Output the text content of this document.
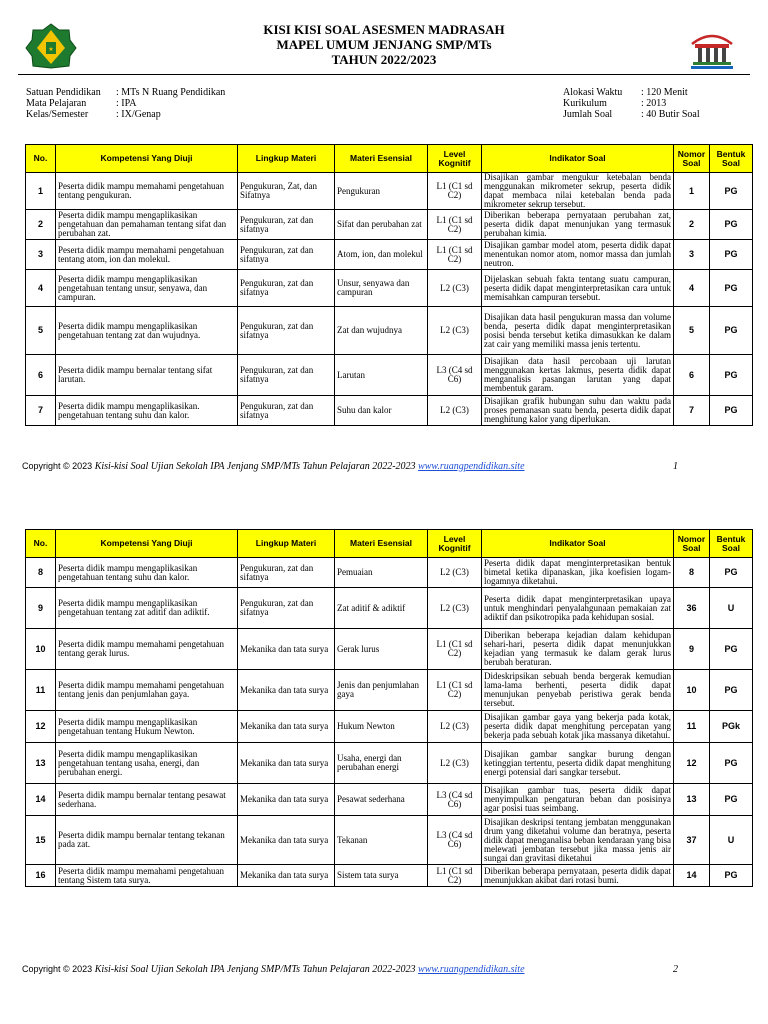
★
KISI KISI SOAL ASESMEN MADRASAH
MAPEL UMUM JENJANG SMP/MTs
TAHUN 2022/2023
Satuan Pendidikan	: MTs N Ruang Pendidikan
Mata Pelajaran	: IPA
Kelas/Semester	: IX/Genap
Alokasi Waktu	: 120 Menit
Kurikulum	: 2013
Jumlah Soal	: 40 Butir Soal
No.	Kompetensi Yang Diuji	Lingkup Materi	Materi Esensial	Level Kognitif	Indikator Soal	Nomor Soal	Bentuk Soal
1	Peserta didik mampu memahami pengetahuan tentang pengukuran.	Pengukuran, Zat, dan Sifatnya	Pengukuran	L1 (C1 sd C2)	Disajikan gambar mengukur ketebalan benda menggunakan mikrometer sekrup, peserta didik dapat membaca nilai ketebalan benda pada mikrometer sekrup tersebut.	1	PG
2	Peserta didik mampu mengaplikasikan pengetahuan dan pemahaman tentang sifat dan perubahan zat.	Pengukuran, zat dan sifatnya	Sifat dan perubahan zat	L1 (C1 sd C2)	Diberikan beberapa pernyataan perubahan zat, peserta didik dapat menunjukan yang termasuk perubahan kimia.	2	PG
3	Peserta didik mampu memahami pengetahuan tentang atom, ion dan molekul.	Pengukuran, zat dan sifatnya	Atom, ion, dan molekul	L1 (C1 sd C2)	Disajikan gambar model atom, peserta didik dapat menentukan nomor atom, nomor massa dan jumlah neutron.	3	PG
4	Peserta didik mampu mengaplikasikan pengetahuan tentang unsur, senyawa, dan campuran.	Pengukuran, zat dan sifatnya	Unsur, senyawa dan campuran	L2 (C3)	Dijelaskan sebuah fakta tentang suatu campuran, peserta didik dapat menginterpretasikan cara untuk memisahkan campuran tersebut.	4	PG
5	Peserta didik mampu mengaplikasikan pengetahuan tentang zat dan wujudnya.	Pengukuran, zat dan sifatnya	Zat dan wujudnya	L2 (C3)	Disajikan data hasil pengukuran massa dan volume benda, peserta didik dapat menginterpretasikan posisi benda tersebut ketika dimasukkan ke dalam zat cair yang memiliki massa jenis tertentu.	5	PG
6	Peserta didik mampu bernalar tentang sifat larutan.	Pengukuran, zat dan sifatnya	Larutan	L3 (C4 sd C6)	Disajikan data hasil percobaan uji larutan menggunakan kertas lakmus, peserta didik dapat menganalisis pasangan larutan yang dapat membentuk garam.	6	PG
7	Peserta didik mampu mengaplikasikan. pengetahuan tentang suhu dan kalor.	Pengukuran, zat dan sifatnya	Suhu dan kalor	L2 (C3)	Disajikan grafik hubungan suhu dan waktu pada proses pemanasan suatu benda, peserta didik dapat menghitung kalor yang diperlukan.	7	PG
Copyright © 2023 Kisi-kisi Soal Ujian Sekolah IPA Jenjang SMP/MTs Tahun Pelajaran 2022-2023 www.ruangpendidikan.site	1
No.	Kompetensi Yang Diuji	Lingkup Materi	Materi Esensial	Level Kognitif	Indikator Soal	Nomor Soal	Bentuk Soal
8	Peserta didik mampu mengaplikasikan pengetahuan tentang suhu dan kalor.	Pengukuran, zat dan sifatnya	Pemuaian	L2 (C3)	Peserta didik dapat menginterpretasikan bentuk bimetal ketika dipanaskan, jika koefisien logam-logamnya diketahui.	8	PG
9	Peserta didik mampu mengaplikasikan pengetahuan tentang zat aditif dan adiktif.	Pengukuran, zat dan sifatnya	Zat aditif & adiktif	L2 (C3)	Peserta didik dapat menginterpretasikan upaya untuk menghindari penyalahgunaan pemakaian zat adiktif dan psikotropika pada kehidupan sosial.	36	U
10	Peserta didik mampu memahami pengetahuan tentang gerak lurus.	Mekanika dan tata surya	Gerak lurus	L1 (C1 sd C2)	Diberikan beberapa kejadian dalam kehidupan sehari-hari, peserta didik dapat menunjukkan kejadian yang termasuk ke dalam gerak lurus berubah beraturan.	9	PG
11	Peserta didik mampu memahami pengetahuan tentang jenis dan penjumlahan gaya.	Mekanika dan tata surya	Jenis dan penjumlahan gaya	L1 (C1 sd C2)	Dideskripsikan sebuah benda bergerak kemudian lama-lama berhenti, peserta didik dapat menunjukan penyebab peristiwa gerak benda tersebut.	10	PG
12	Peserta didik mampu mengaplikasikan pengetahuan tentang Hukum Newton.	Mekanika dan tata surya	Hukum Newton	L2 (C3)	Disajikan gambar gaya yang bekerja pada kotak, peserta didik dapat menghitung percepatan yang bekerja pada sebuah kotak jika massanya diketahui.	11	PGk
13	Peserta didik mampu mengaplikasikan pengetahuan tentang usaha, energi, dan perubahan energi.	Mekanika dan tata surya	Usaha, energi dan perubahan energi	L2 (C3)	Disajikan gambar sangkar burung dengan ketinggian tertentu, peserta didik dapat menghitung energi potensial dari sangkar tersebut.	12	PG
14	Peserta didik mampu bernalar tentang pesawat sederhana.	Mekanika dan tata surya	Pesawat sederhana	L3 (C4 sd C6)	Disajikan gambar tuas, peserta didik dapat menyimpulkan pengaturan beban dan posisinya agar posisi tuas seimbang.	13	PG
15	Peserta didik mampu bernalar tentang tekanan pada zat.	Mekanika dan tata surya	Tekanan	L3 (C4 sd C6)	Disajikan deskripsi tentang jembatan menggunakan drum yang diketahui volume dan beratnya, peserta didik dapat menganalisa beban kendaraan yang bisa melewati jembatan tersebut jika massa jenis air sungai dan gravitasi diketahui	37	U
16	Peserta didik mampu memahami pengetahuan tentang Sistem tata surya.	Mekanika dan tata surya	Sistem tata surya	L1 (C1 sd C2)	Diberikan beberapa pernyataan, peserta didik dapat menunjukkan akibat dari rotasi bumi.	14	PG
Copyright © 2023 Kisi-kisi Soal Ujian Sekolah IPA Jenjang SMP/MTs Tahun Pelajaran 2022-2023 www.ruangpendidikan.site	2
